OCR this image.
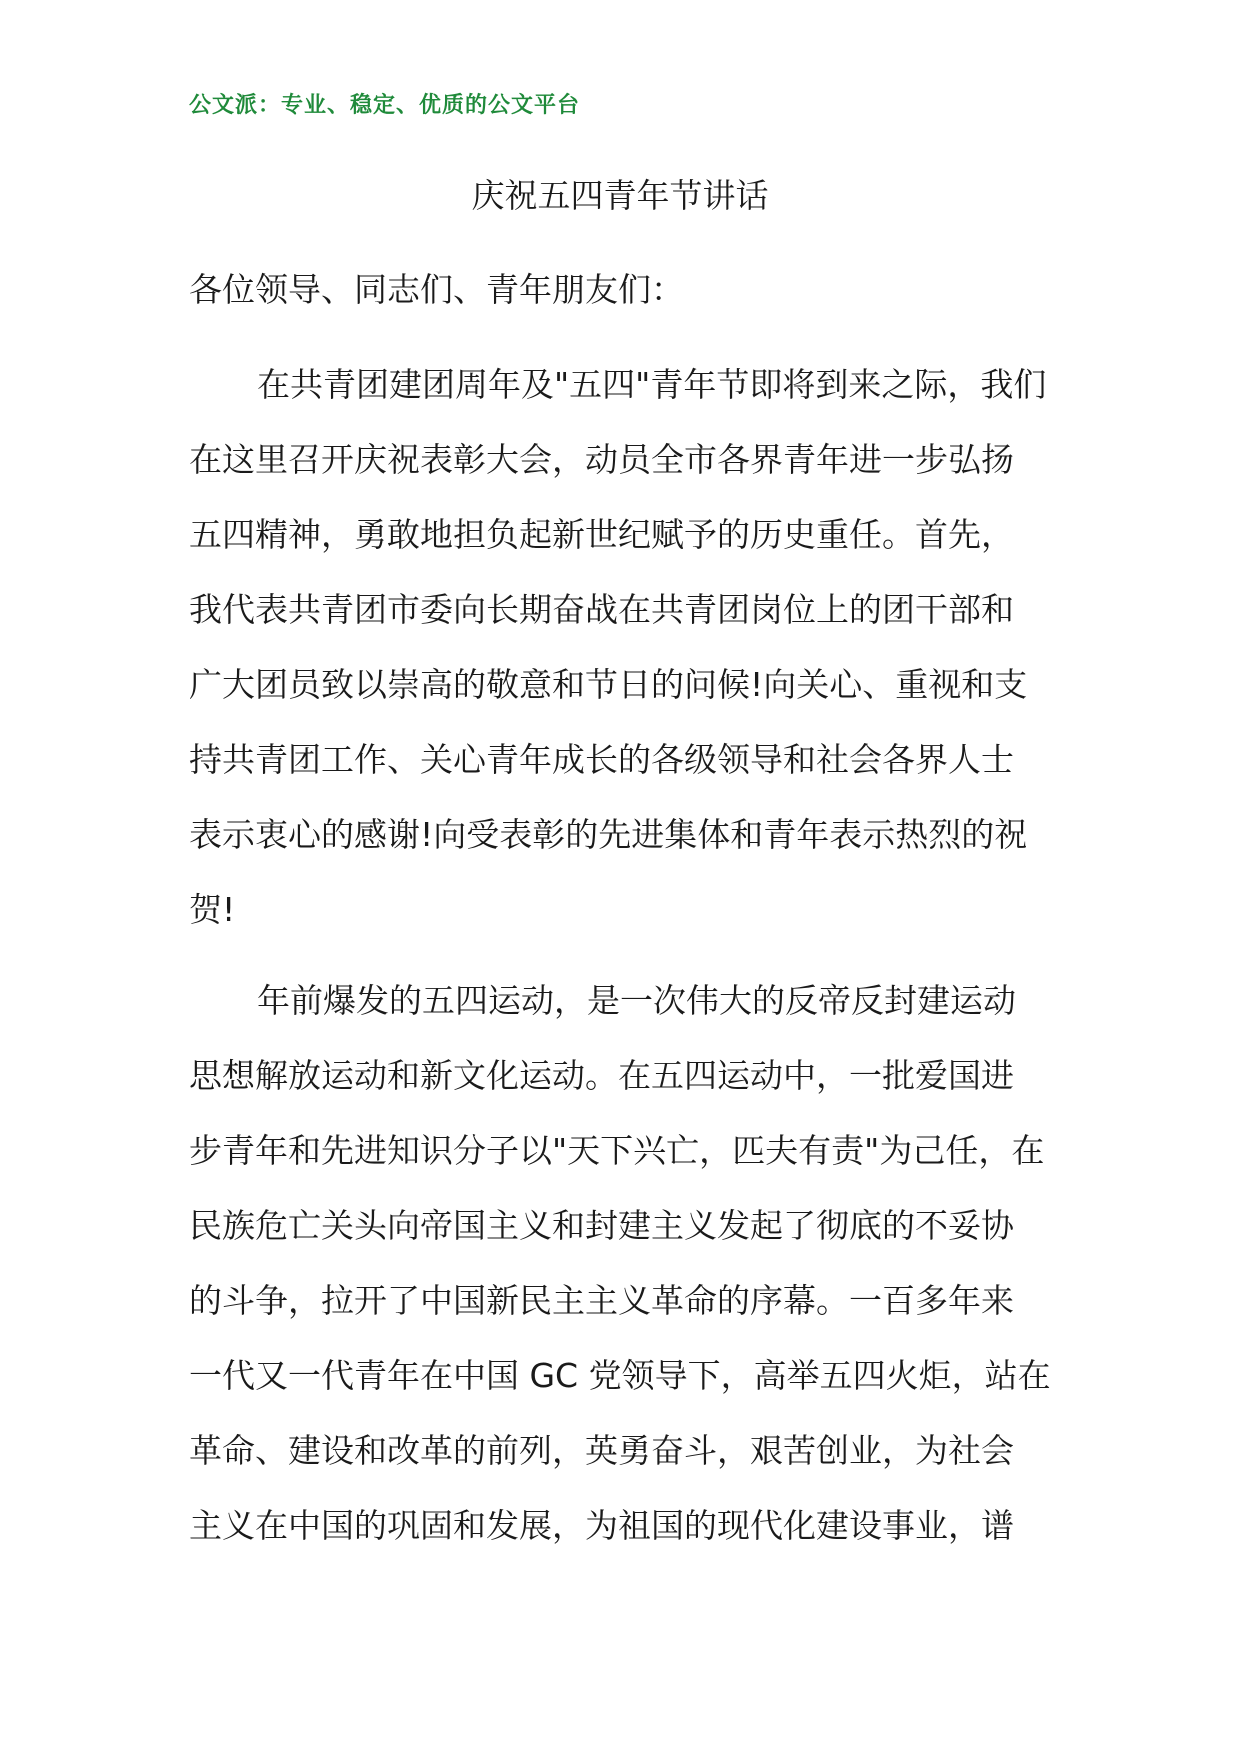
公文派：专业、稳定、优质的公文平台
庆祝五四青年节讲话
各位领导、同志们、青年朋友们：
在共青团建团周年及"五四"青年节即将到来之际，我们
在这里召开庆祝表彰大会，动员全市各界青年进一步弘扬
五四精神，勇敢地担负起新世纪赋予的历史重任。首先，
我代表共青团市委向长期奋战在共青团岗位上的团干部和
广大团员致以崇高的敬意和节日的问候!向关心、重视和支
持共青团工作、关心青年成长的各级领导和社会各界人士
表示衷心的感谢!向受表彰的先进集体和青年表示热烈的祝
贺!
年前爆发的五四运动，是一次伟大的反帝反封建运动
思想解放运动和新文化运动。在五四运动中，一批爱国进
步青年和先进知识分子以"天下兴亡，匹夫有责"为己任，在
民族危亡关头向帝国主义和封建主义发起了彻底的不妥协
的斗争，拉开了中国新民主主义革命的序幕。一百多年来
一代又一代青年在中国 GC 党领导下，高举五四火炬，站在
革命、建设和改革的前列，英勇奋斗，艰苦创业，为社会
主义在中国的巩固和发展，为祖国的现代化建设事业，谱
